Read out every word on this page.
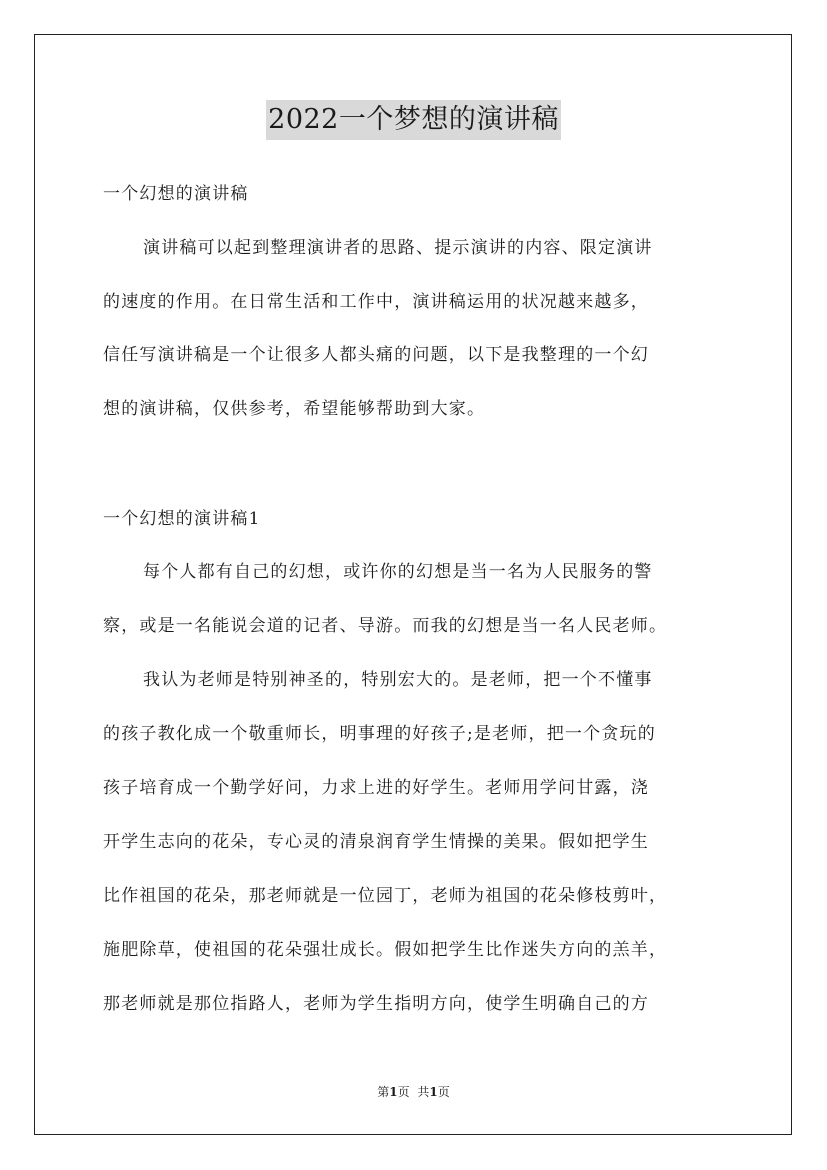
2022一个梦想的演讲稿
一个幻想的演讲稿
演讲稿可以起到整理演讲者的思路、提示演讲的内容、限定演讲
的速度的作用。在日常生活和工作中，演讲稿运用的状况越来越多，
信任写演讲稿是一个让很多人都头痛的问题，以下是我整理的一个幻
想的演讲稿，仅供参考，希望能够帮助到大家。
一个幻想的演讲稿1
每个人都有自己的幻想，或许你的幻想是当一名为人民服务的警
察，或是一名能说会道的记者、导游。而我的幻想是当一名人民老师。
我认为老师是特别神圣的，特别宏大的。是老师，把一个不懂事
的孩子教化成一个敬重师长，明事理的好孩子;是老师，把一个贪玩的
孩子培育成一个勤学好问，力求上进的好学生。老师用学问甘露，浇
开学生志向的花朵，专心灵的清泉润育学生情操的美果。假如把学生
比作祖国的花朵，那老师就是一位园丁，老师为祖国的花朵修枝剪叶，
施肥除草，使祖国的花朵强壮成长。假如把学生比作迷失方向的羔羊，
那老师就是那位指路人，老师为学生指明方向，使学生明确自己的方
第1页 共1页
